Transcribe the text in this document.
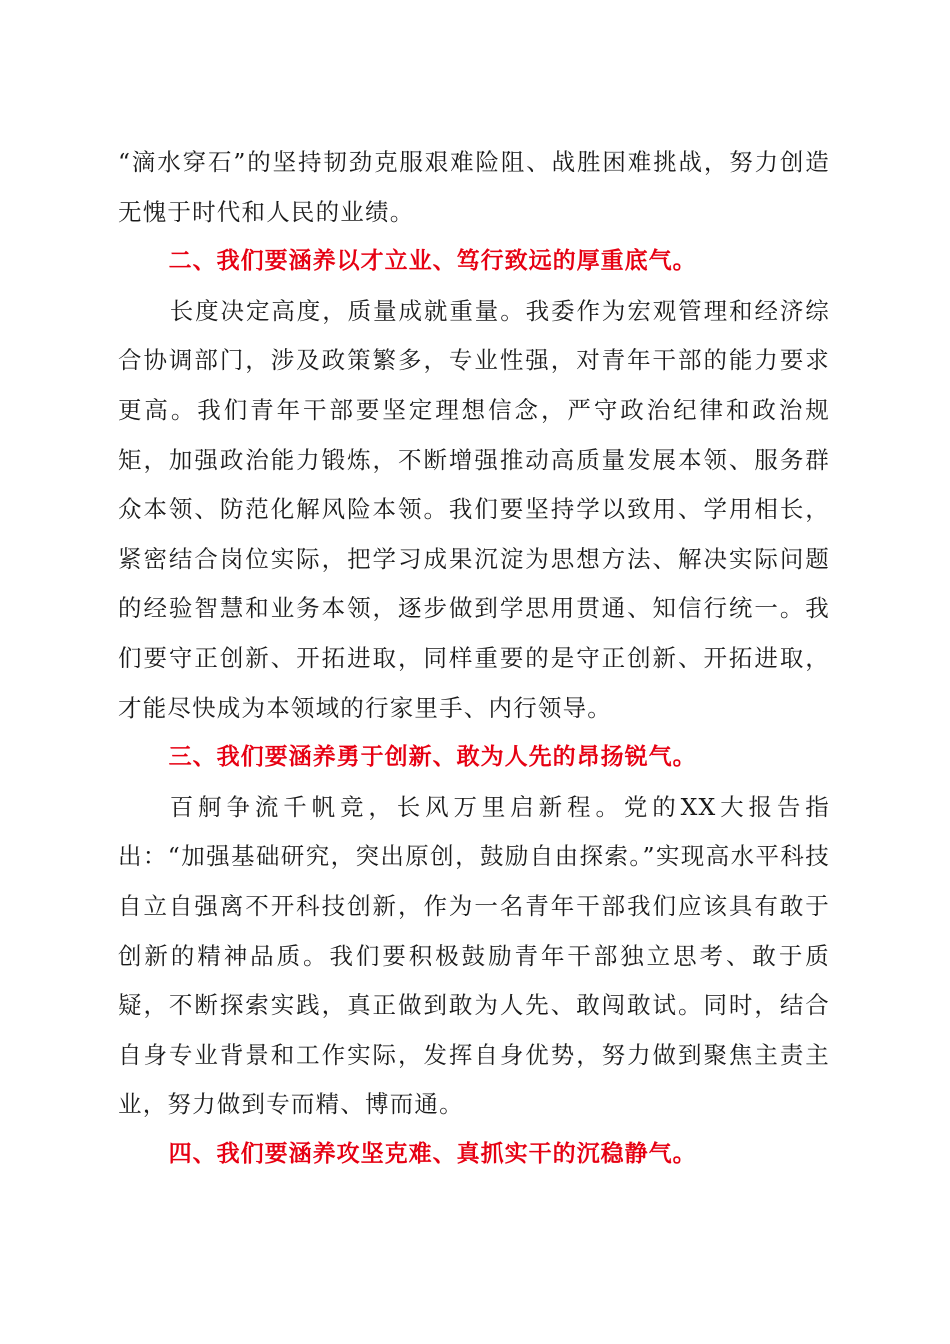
“滴水穿石”的坚持韧劲克服艰难险阻、战胜困难挑战，努力创造无愧于时代和人民的业绩。

二、我们要涵养以才立业、笃行致远的厚重底气。

长度决定高度，质量成就重量。我委作为宏观管理和经济综合协调部门，涉及政策繁多，专业性强，对青年干部的能力要求更高。我们青年干部要坚定理想信念，严守政治纪律和政治规矩，加强政治能力锻炼，不断增强推动高质量发展本领、服务群众本领、防范化解风险本领。我们要坚持学以致用、学用相长，紧密结合岗位实际，把学习成果沉淀为思想方法、解决实际问题的经验智慧和业务本领，逐步做到学思用贯通、知信行统一。我们要守正创新、开拓进取，同样重要的是守正创新、开拓进取，才能尽快成为本领域的行家里手、内行领导。

三、我们要涵养勇于创新、敢为人先的昂扬锐气。

百舸争流千帆竞，长风万里启新程。党的XX大报告指出：“加强基础研究，突出原创，鼓励自由探索。”实现高水平科技自立自强离不开科技创新，作为一名青年干部我们应该具有敢于创新的精神品质。我们要积极鼓励青年干部独立思考、敢于质疑，不断探索实践，真正做到敢为人先、敢闯敢试。同时，结合自身专业背景和工作实际，发挥自身优势，努力做到聚焦主责主业，努力做到专而精、博而通。

四、我们要涵养攻坚克难、真抓实干的沉稳静气。
